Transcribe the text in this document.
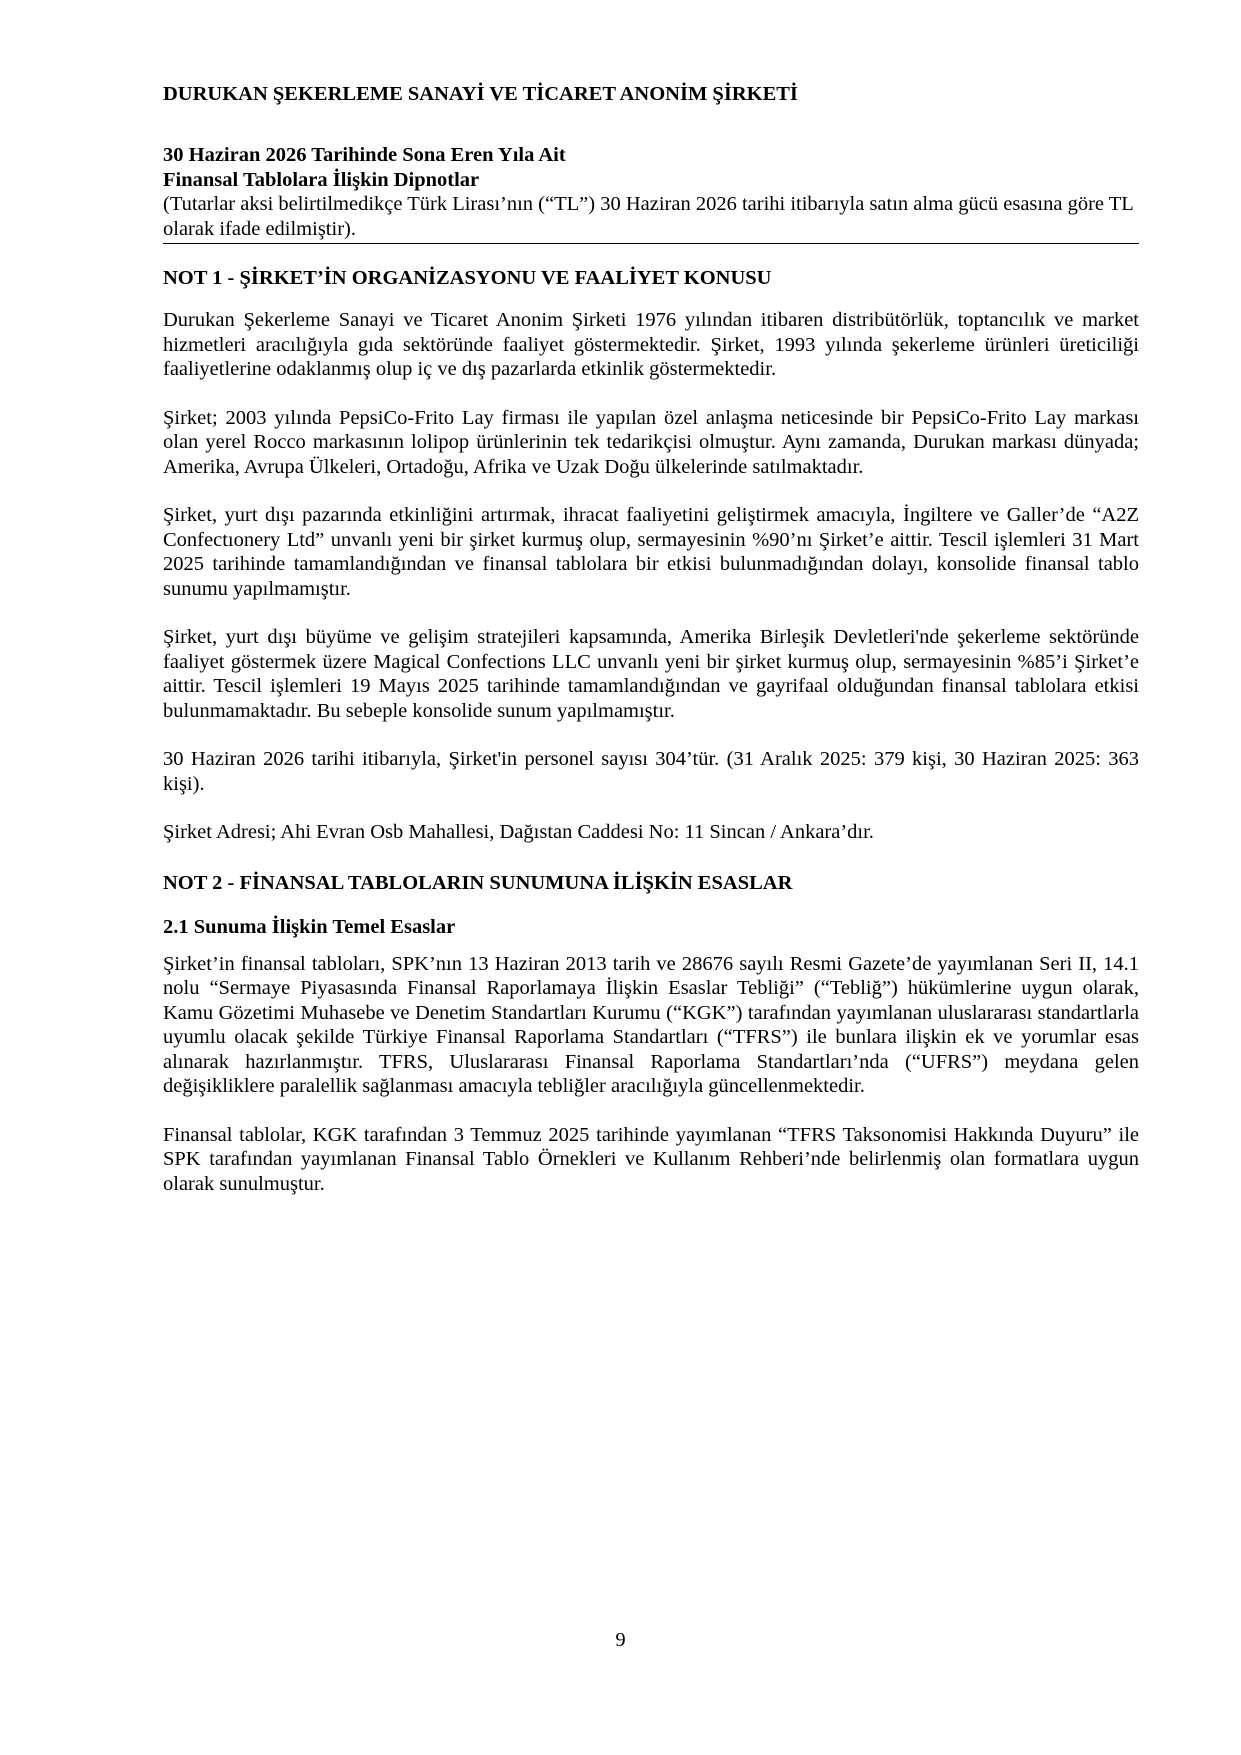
DURUKAN ŞEKERLEME SANAYİ VE TİCARET ANONİM ŞİRKETİ
30 Haziran 2026 Tarihinde Sona Eren Yıla Ait
Finansal Tablolara İlişkin Dipnotlar
(Tutarlar aksi belirtilmedikçe Türk Lirası’nın (“TL”) 30 Haziran 2026 tarihi itibarıyla satın alma gücü esasına göre TL olarak ifade edilmiştir).
NOT 1 - ŞİRKET’İN ORGANİZASYONU VE FAALİYET KONUSU

Durukan Şekerleme Sanayi ve Ticaret Anonim Şirketi 1976 yılından itibaren distribütörlük, toptancılık ve market hizmetleri aracılığıyla gıda sektöründe faaliyet göstermektedir. Şirket, 1993 yılında şekerleme ürünleri üreticiliği faaliyetlerine odaklanmış olup iç ve dış pazarlarda etkinlik göstermektedir.

Şirket; 2003 yılında PepsiCo-Frito Lay firması ile yapılan özel anlaşma neticesinde bir PepsiCo-Frito Lay markası olan yerel Rocco markasının lolipop ürünlerinin tek tedarikçisi olmuştur. Aynı zamanda, Durukan markası dünyada; Amerika, Avrupa Ülkeleri, Ortadoğu, Afrika ve Uzak Doğu ülkelerinde satılmaktadır.

Şirket, yurt dışı pazarında etkinliğini artırmak, ihracat faaliyetini geliştirmek amacıyla, İngiltere ve Galler’de “A2Z Confectıonery Ltd” unvanlı yeni bir şirket kurmuş olup, sermayesinin %90’nı Şirket’e aittir. Tescil işlemleri 31 Mart 2025 tarihinde tamamlandığından ve finansal tablolara bir etkisi bulunmadığından dolayı, konsolide finansal tablo sunumu yapılmamıştır.

Şirket, yurt dışı büyüme ve gelişim stratejileri kapsamında, Amerika Birleşik Devletleri'nde şekerleme sektöründe faaliyet göstermek üzere Magical Confections LLC unvanlı yeni bir şirket kurmuş olup, sermayesinin %85’i Şirket’e aittir. Tescil işlemleri 19 Mayıs 2025 tarihinde tamamlandığından ve gayrifaal olduğundan finansal tablolara etkisi bulunmamaktadır. Bu sebeple konsolide sunum yapılmamıştır.

30 Haziran 2026 tarihi itibarıyla, Şirket'in personel sayısı 304’tür. (31 Aralık 2025: 379 kişi, 30 Haziran 2025: 363 kişi).

Şirket Adresi; Ahi Evran Osb Mahallesi, Dağıstan Caddesi No: 11 Sincan / Ankara’dır.

NOT 2 - FİNANSAL TABLOLARIN SUNUMUNA İLİŞKİN ESASLAR
2.1 Sunuma İlişkin Temel Esaslar

Şirket’in finansal tabloları, SPK’nın 13 Haziran 2013 tarih ve 28676 sayılı Resmi Gazete’de yayımlanan Seri II, 14.1 nolu “Sermaye Piyasasında Finansal Raporlamaya İlişkin Esaslar Tebliği” (“Tebliğ”) hükümlerine uygun olarak, Kamu Gözetimi Muhasebe ve Denetim Standartları Kurumu (“KGK”) tarafından yayımlanan uluslararası standartlarla uyumlu olacak şekilde Türkiye Finansal Raporlama Standartları (“TFRS”) ile bunlara ilişkin ek ve yorumlar esas alınarak hazırlanmıştır. TFRS, Uluslararası Finansal Raporlama Standartları’nda (“UFRS”) meydana gelen değişikliklere paralellik sağlanması amacıyla tebliğler aracılığıyla güncellenmektedir.

Finansal tablolar, KGK tarafından 3 Temmuz 2025 tarihinde yayımlanan “TFRS Taksonomisi Hakkında Duyuru” ile SPK tarafından yayımlanan Finansal Tablo Örnekleri ve Kullanım Rehberi’nde belirlenmiş olan formatlara uygun olarak sunulmuştur.

9
